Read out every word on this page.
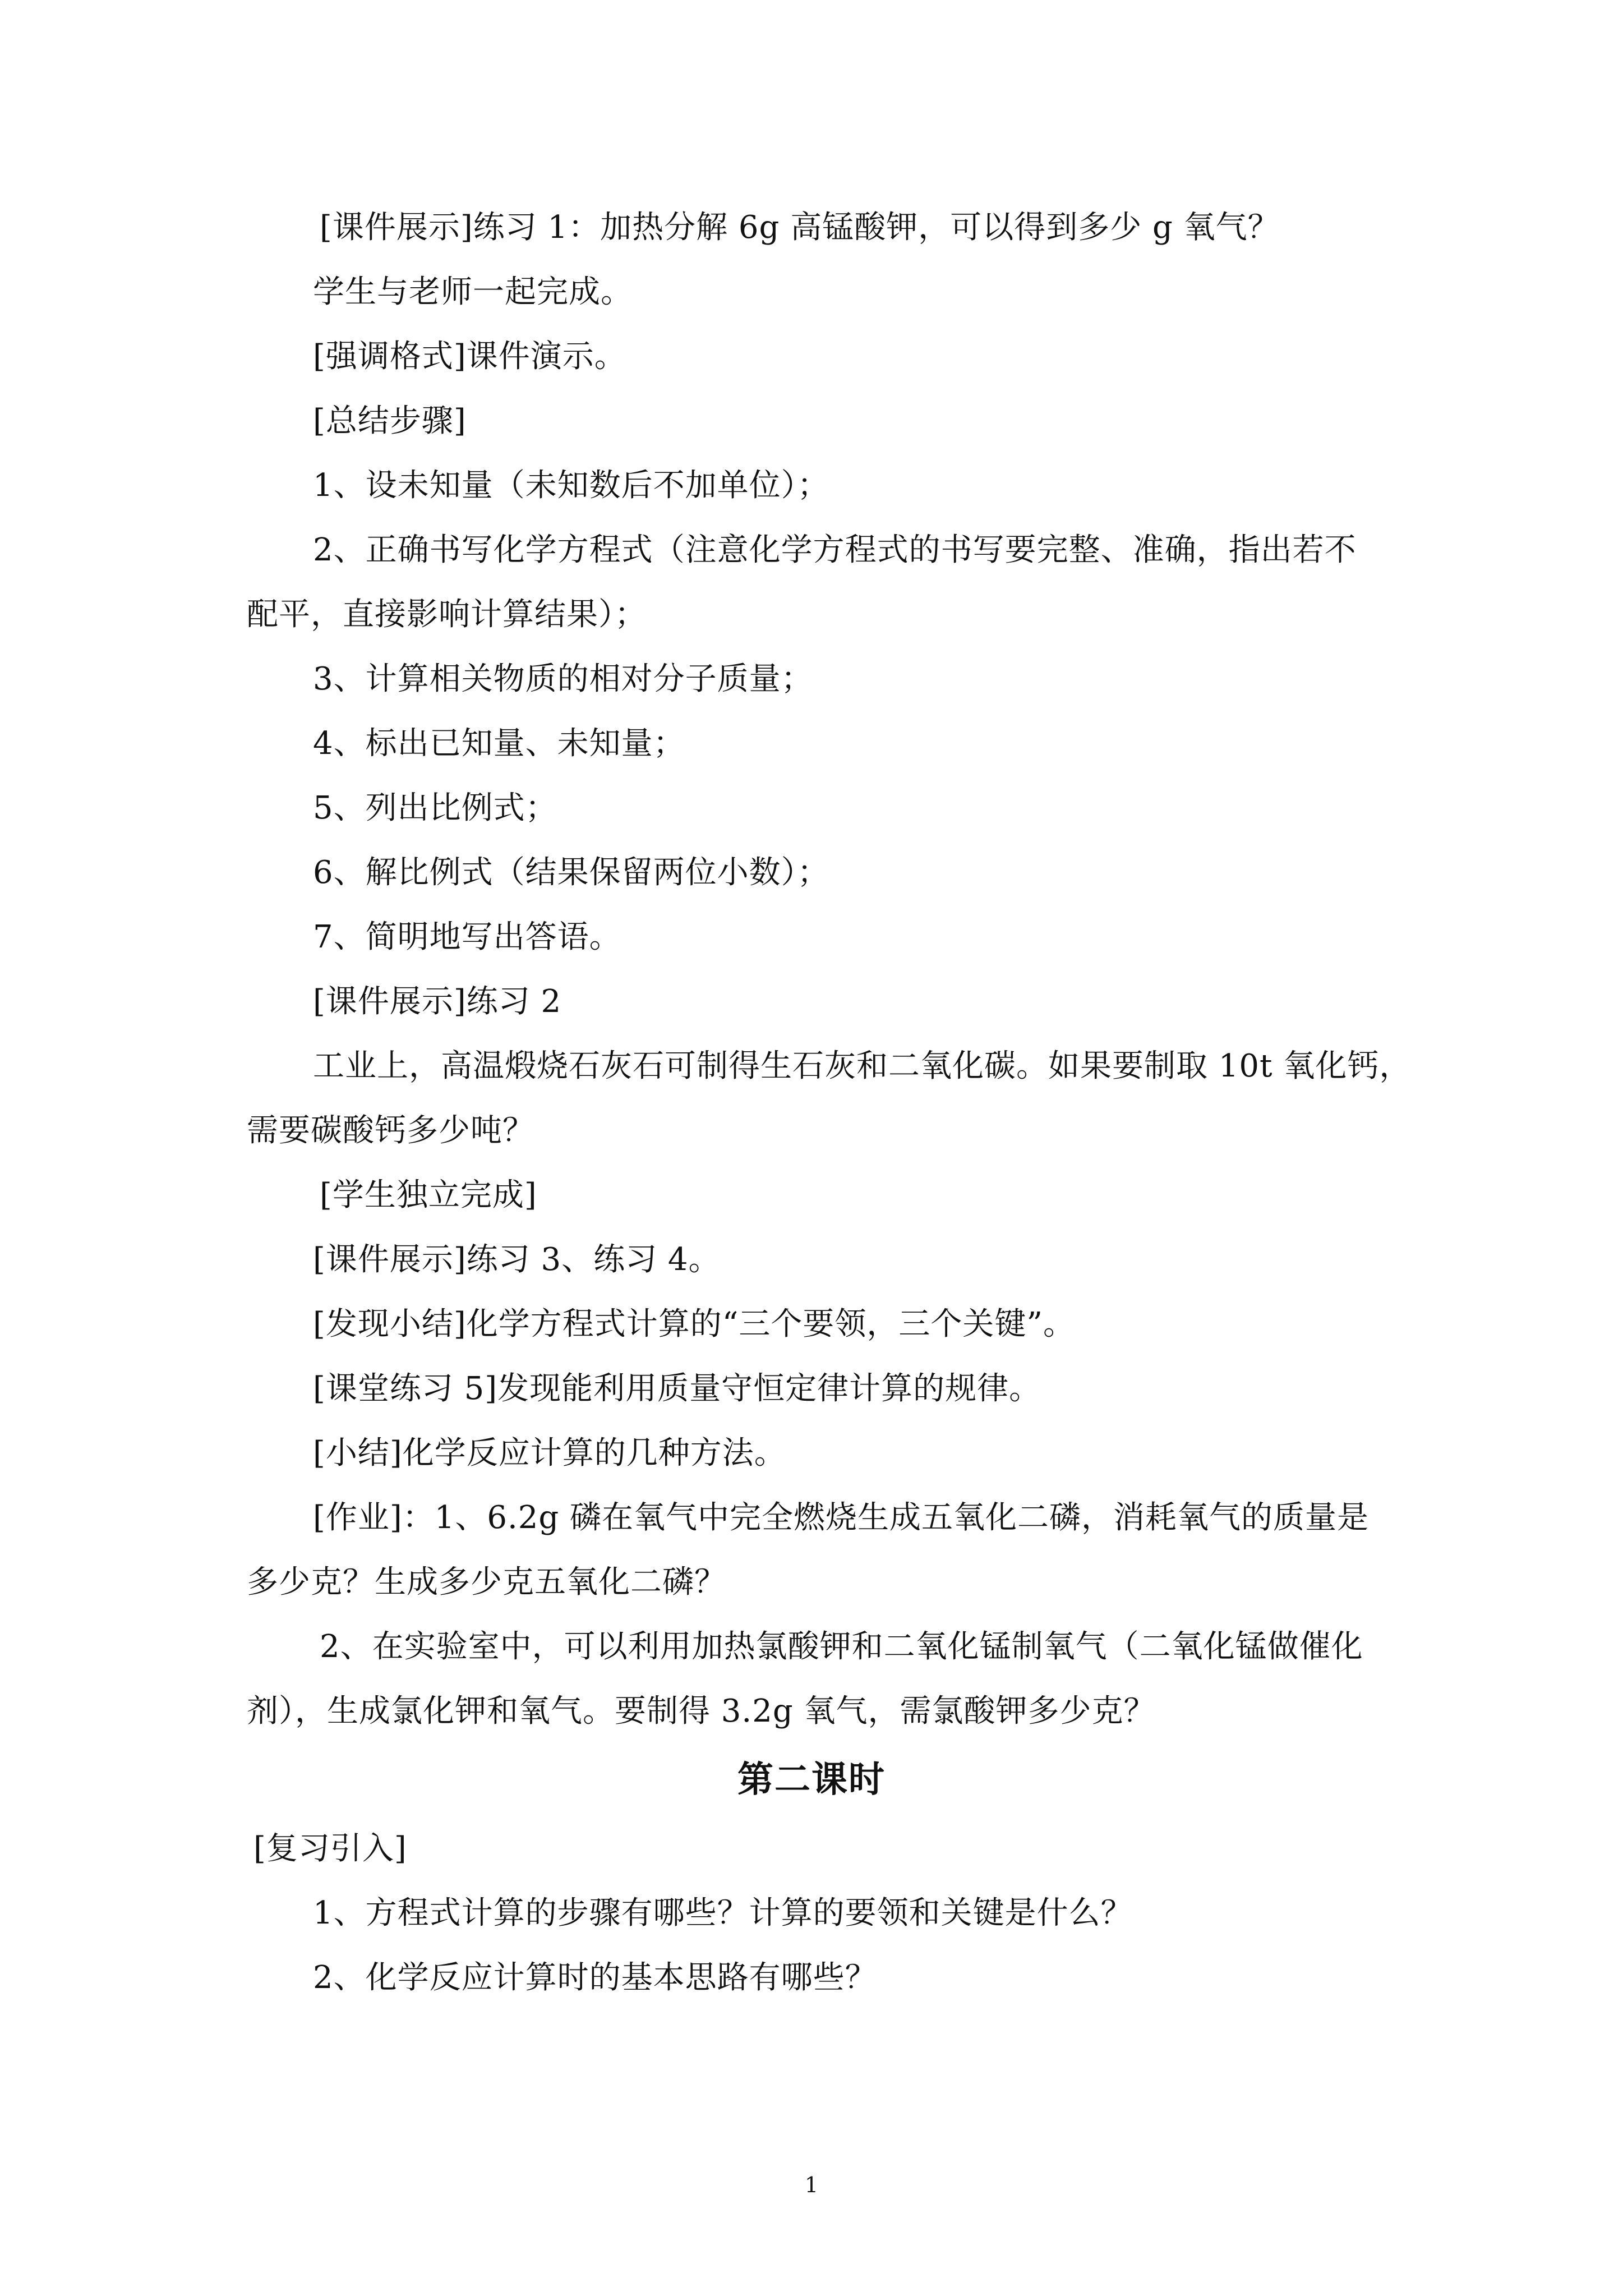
[课件展示]练习 1：加热分解 6g 高锰酸钾，可以得到多少 g 氧气？
学生与老师一起完成。
[强调格式]课件演示。
[总结步骤]
1、设未知量（未知数后不加单位）；
2、正确书写化学方程式（注意化学方程式的书写要完整、准确，指出若不
配平，直接影响计算结果）；
3、计算相关物质的相对分子质量；
4、标出已知量、未知量；
5、列出比例式；
6、解比例式（结果保留两位小数）；
7、简明地写出答语。
[课件展示]练习 2
工业上，高温煅烧石灰石可制得生石灰和二氧化碳。如果要制取 10t 氧化钙，
需要碳酸钙多少吨？
[学生独立完成]
[课件展示]练习 3、练习 4。
[发现小结]化学方程式计算的“三个要领，三个关键”。
[课堂练习 5]发现能利用质量守恒定律计算的规律。
[小结]化学反应计算的几种方法。
[作业]：1、6.2g 磷在氧气中完全燃烧生成五氧化二磷，消耗氧气的质量是
多少克？生成多少克五氧化二磷？
2、在实验室中，可以利用加热氯酸钾和二氧化锰制氧气（二氧化锰做催化
剂），生成氯化钾和氧气。要制得 3.2g 氧气，需氯酸钾多少克？
第二课时
[复习引入]
1、方程式计算的步骤有哪些？计算的要领和关键是什么？
2、化学反应计算时的基本思路有哪些？
1
